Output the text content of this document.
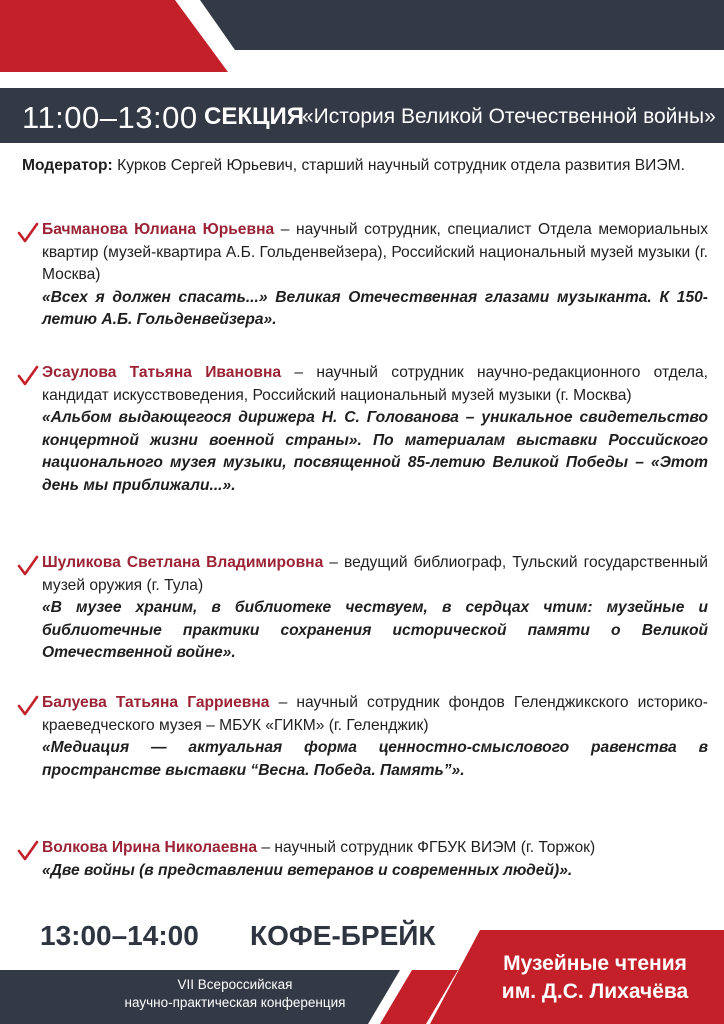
11:00–13:00 СЕКЦИЯ
«История Великой Отечественной войны»

Модератор: Курков Сергей Юрьевич, старший научный сотрудник отдела развития ВИЭМ.

Бачманова Юлиана Юрьевна – научный сотрудник, специалист Отдела мемориальных квартир (музей-квартира А.Б. Гольденвейзера), Российский национальный музей музыки (г. Москва)

«Всех я должен спасать...» Великая Отечественная глазами музыканта. К 150-летию А.Б. Гольденвейзера».

Эсаулова Татьяна Ивановна – научный сотрудник научно-редакционного отдела, кандидат искусствоведения, Российский национальный музей музыки (г. Москва)

«Альбом выдающегося дирижера Н. С. Голованова – уникальное свидетельство концертной жизни военной страны». По материалам выставки Российского национального музея музыки, посвященной 85-летию Великой Победы – «Этот день мы приближали...».

Шуликова Светлана Владимировна – ведущий библиограф, Тульский государственный музей оружия (г. Тула)

«В музее храним, в библиотеке чествуем, в сердцах чтим: музейные и библиотечные практики сохранения исторической памяти о Великой Отечественной войне».

Балуева Татьяна Гарриевна – научный сотрудник фондов Геленджикского историко-краеведческого музея – МБУК «ГИКМ» (г. Геленджик)

«Медиация — актуальная форма ценностно-смыслового равенства в пространстве выставки “Весна. Победа. Память”».

Волкова Ирина Николаевна – научный сотрудник ФГБУК ВИЭМ (г. Торжок)

«Две войны (в представлении ветеранов и современных людей)».

13:00–14:00 КОФЕ-БРЕЙК
VII Всероссийская
научно-практическая конференция
Музейные чтения
им. Д.С. Лихачёва
